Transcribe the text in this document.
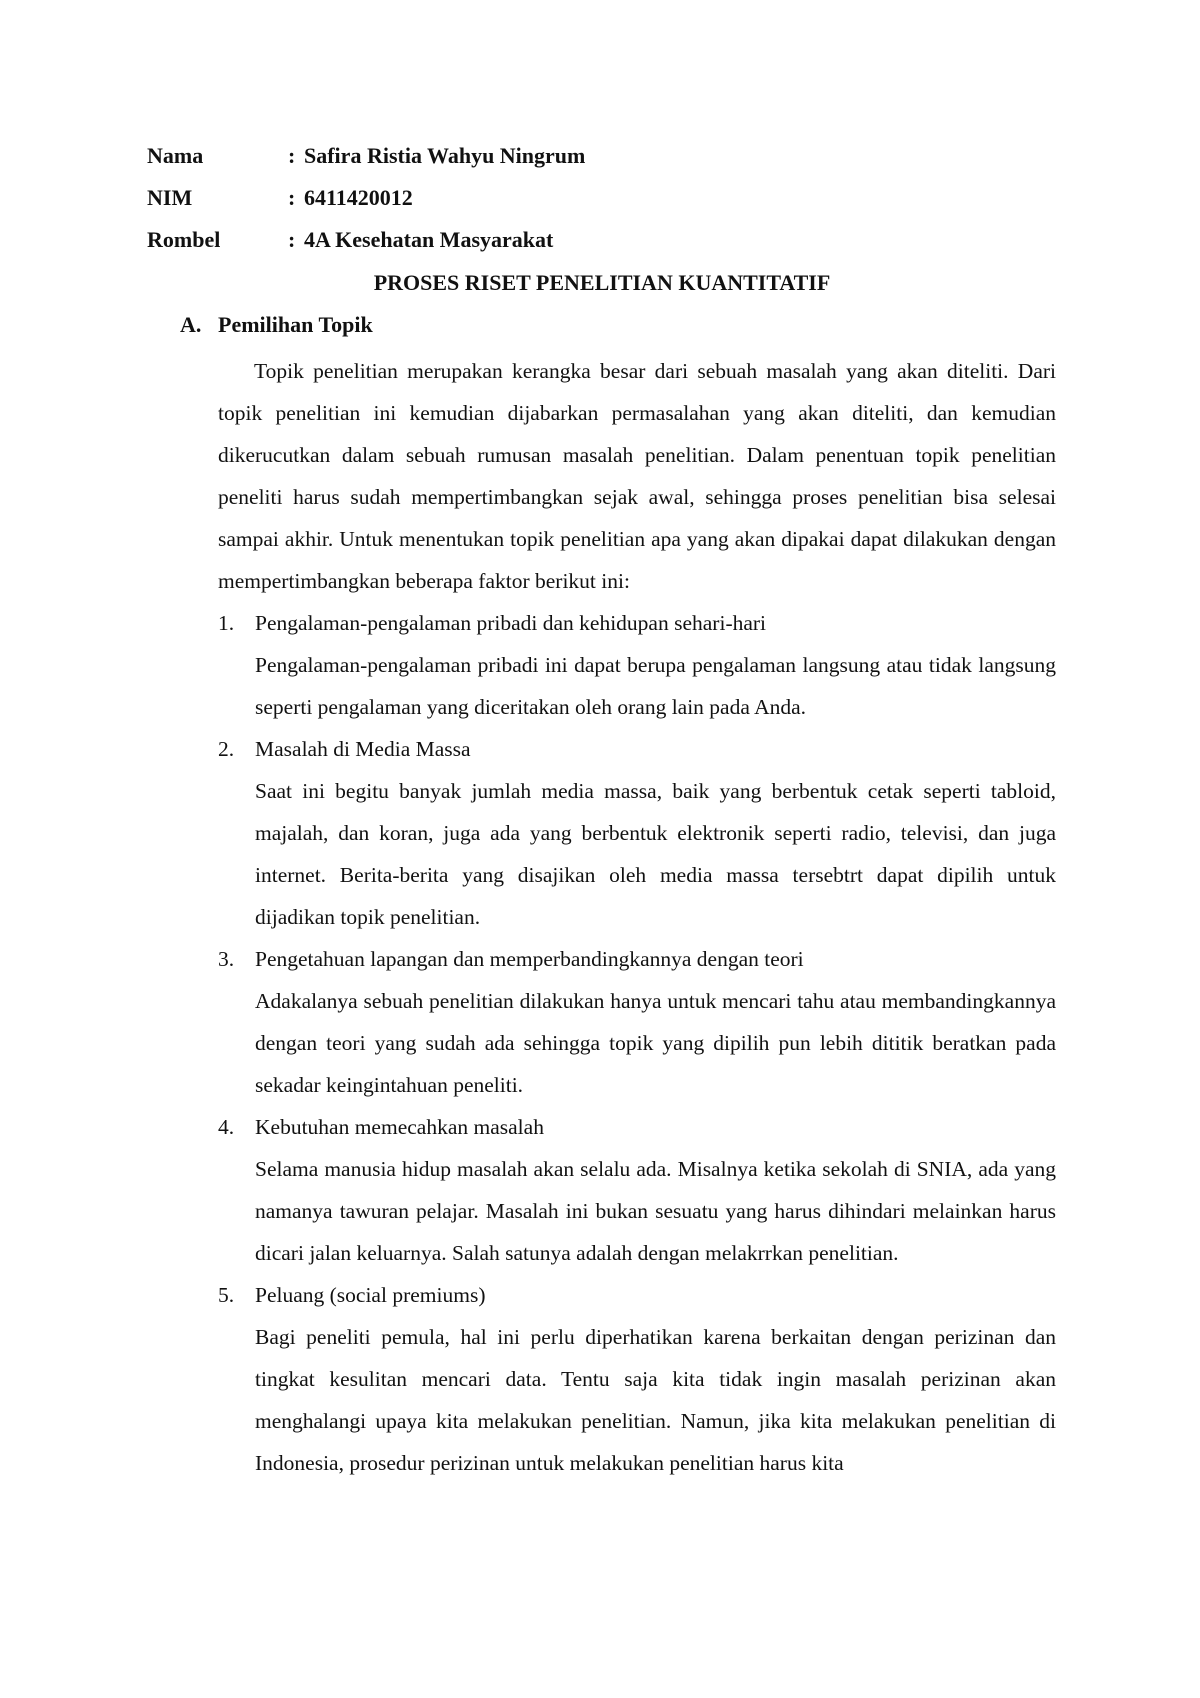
Nama	: Safira Ristia Wahyu Ningrum
NIM	: 6411420012
Rombel	: 4A Kesehatan Masyarakat
PROSES RISET PENELITIAN KUANTITATIF
A. Pemilihan Topik

Topik penelitian merupakan kerangka besar dari sebuah masalah yang akan diteliti. Dari topik penelitian ini kemudian dijabarkan permasalahan yang akan diteliti, dan kemudian dikerucutkan dalam sebuah rumusan masalah penelitian. Dalam penentuan topik penelitian peneliti harus sudah mempertimbangkan sejak awal, sehingga proses penelitian bisa selesai sampai akhir. Untuk menentukan topik penelitian apa yang akan dipakai dapat dilakukan dengan mempertimbangkan beberapa faktor berikut ini:

1. Pengalaman-pengalaman pribadi dan kehidupan sehari-hari

Pengalaman-pengalaman pribadi ini dapat berupa pengalaman langsung atau tidak langsung seperti pengalaman yang diceritakan oleh orang lain pada Anda.

2. Masalah di Media Massa

Saat ini begitu banyak jumlah media massa, baik yang berbentuk cetak seperti tabloid, majalah, dan koran, juga ada yang berbentuk elektronik seperti radio, televisi, dan juga internet. Berita-berita yang disajikan oleh media massa tersebtrt dapat dipilih untuk dijadikan topik penelitian.

3. Pengetahuan lapangan dan memperbandingkannya dengan teori

Adakalanya sebuah penelitian dilakukan hanya untuk mencari tahu atau membandingkannya dengan teori yang sudah ada sehingga topik yang dipilih pun lebih dititik beratkan pada sekadar keingintahuan peneliti.

4. Kebutuhan memecahkan masalah

Selama manusia hidup masalah akan selalu ada. Misalnya ketika sekolah di SNIA, ada yang namanya tawuran pelajar. Masalah ini bukan sesuatu yang harus dihindari melainkan harus dicari jalan keluarnya. Salah satunya adalah dengan melakrrkan penelitian.

5. Peluang (social premiums)

Bagi peneliti pemula, hal ini perlu diperhatikan karena berkaitan dengan perizinan dan tingkat kesulitan mencari data. Tentu saja kita tidak ingin masalah perizinan akan menghalangi upaya kita melakukan penelitian. Namun, jika kita melakukan penelitian di Indonesia, prosedur perizinan untuk melakukan penelitian harus kita
